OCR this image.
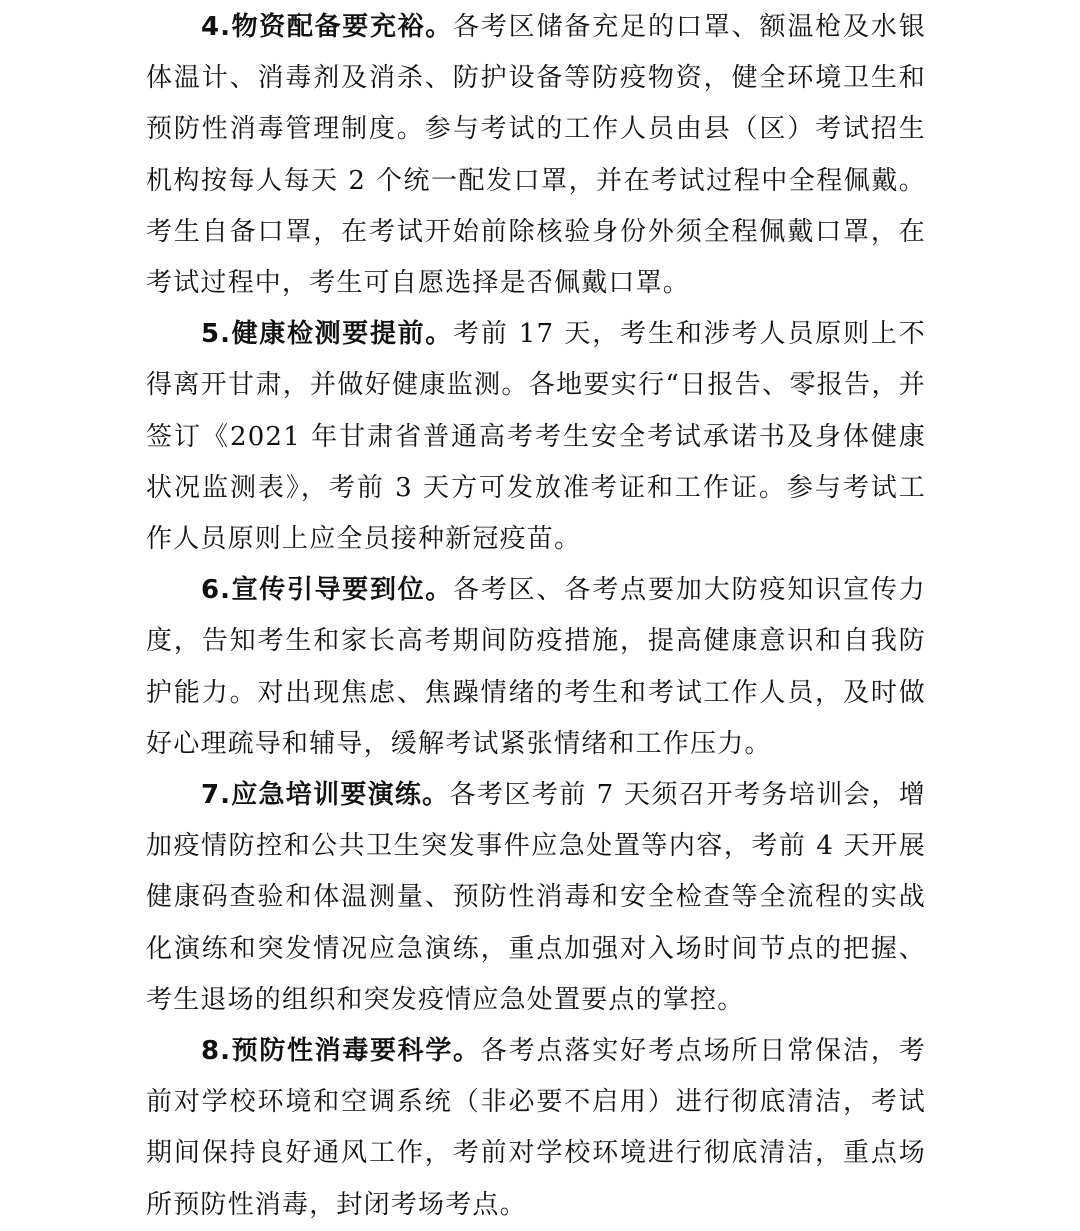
4.物资配备要充裕。各考区储备充足的口罩、额温枪及水银体温计、消毒剂及消杀、防护设备等防疫物资，健全环境卫生和预防性消毒管理制度。参与考试的工作人员由县（区）考试招生机构按每人每天 2 个统一配发口罩，并在考试过程中全程佩戴。考生自备口罩，在考试开始前除核验身份外须全程佩戴口罩，在考试过程中，考生可自愿选择是否佩戴口罩。

5.健康检测要提前。考前 17 天，考生和涉考人员原则上不得离开甘肃，并做好健康监测。各地要实行“日报告、零报告，并签订《2021 年甘肃省普通高考考生安全考试承诺书及身体健康状况监测表》，考前 3 天方可发放准考证和工作证。参与考试工作人员原则上应全员接种新冠疫苗。

6.宣传引导要到位。各考区、各考点要加大防疫知识宣传力度，告知考生和家长高考期间防疫措施，提高健康意识和自我防护能力。对出现焦虑、焦躁情绪的考生和考试工作人员，及时做好心理疏导和辅导，缓解考试紧张情绪和工作压力。

7.应急培训要演练。各考区考前 7 天须召开考务培训会，增加疫情防控和公共卫生突发事件应急处置等内容，考前 4 天开展健康码查验和体温测量、预防性消毒和安全检查等全流程的实战化演练和突发情况应急演练，重点加强对入场时间节点的把握、考生退场的组织和突发疫情应急处置要点的掌控。

8.预防性消毒要科学。各考点落实好考点场所日常保洁，考前对学校环境和空调系统（非必要不启用）进行彻底清洁，考试期间保持良好通风工作，考前对学校环境进行彻底清洁，重点场所预防性消毒，封闭考场考点。
